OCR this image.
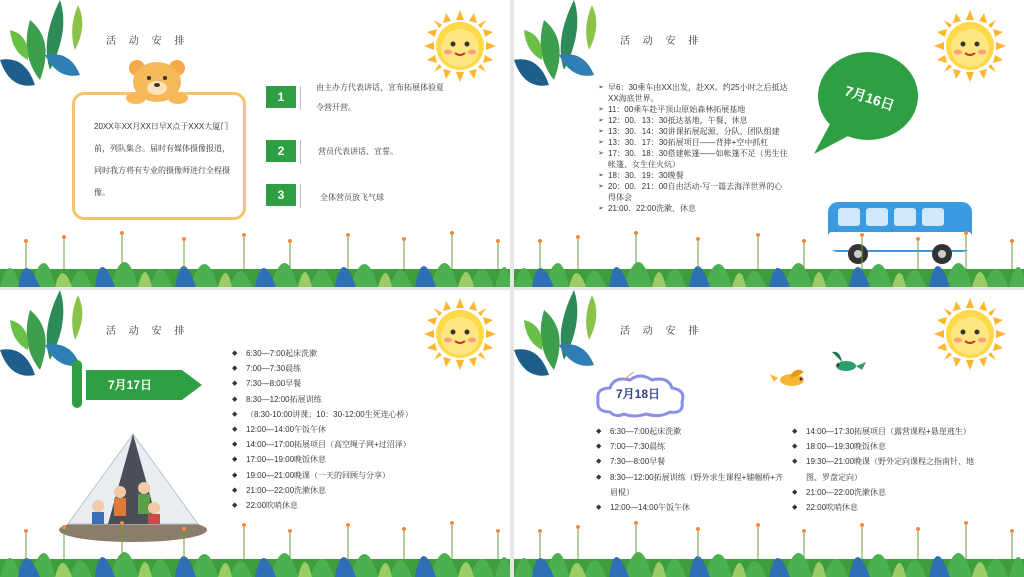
活 动 安 排
20XX年XX月XX日早X点于XXX大厦门前，列队集合。届时有媒体摄像报道，同时我方将有专业的摄像师进行全程摄像。
1
由主办方代表讲话，宣布拓展体验夏令营开营。
2	营员代表讲话、宣誓。
3	全体营员放飞气球
活 动 安 排
➢ 早6：30乘车由XX出发，赴XX。约25小时之后抵达XX海底世界。
➢ 11：00乘车赴平顶山原始森林拓展基地
➢ 12：00．13：30抵达基地，午餐、休息
➢ 13：30．14：30讲课拓展起源、分队、团队组建
➢ 13：30．17：30拓展项目——背摔+空中抓杠
➢ 17：30．18：30搭建帐篷——如帐篷不足（男生住帐篷、女生住火炕）
➢ 18：30．19：30晚餐
➢ 20：00．21：00自由活动-写一篇去海洋世界的心得体会
➢ 21:00．22:00洗漱、休息
7月16日
活 动 安 排
7月17日
◆ 6:30—7:00起床洗漱
◆ 7:00—7:30晨练
◆ 7:30—8:00早餐
◆ 8:30—12:00拓展训练
◆ （8:30-10:00讲课；10：30-12:00生死连心桥）
◆ 12:00—14:00午饭午休
◆ 14:00—17:00拓展项目（高空绳子网+过沼泽）
◆ 17:00—19:00晚饭休息
◆ 19:00—21:00晚课（一天的回顾与分享）
◆ 21:00—22:00洗漱休息
◆ 22:00吹哨休息
活 动 安 排
7月18日
◆ 6:30—7:00起床洗漱
◆ 7:00—7:30晨练
◆ 7:30—8:00早餐
◆ 8:30—12:00拓展训练（野外求生课程+辅帼桥+齐眉棍）
◆ 12:00—14:00午饭午休
◆ 14:00—17:30拓展项目（露营课程+悬崖逃生）
◆ 18:00—19:30晚饭休息
◆ 19:30—21:00晚课（野外定向课程之指南针、地图、罗盘定向）
◆ 21:00—22:00洗漱休息
◆ 22:00吹哨休息
